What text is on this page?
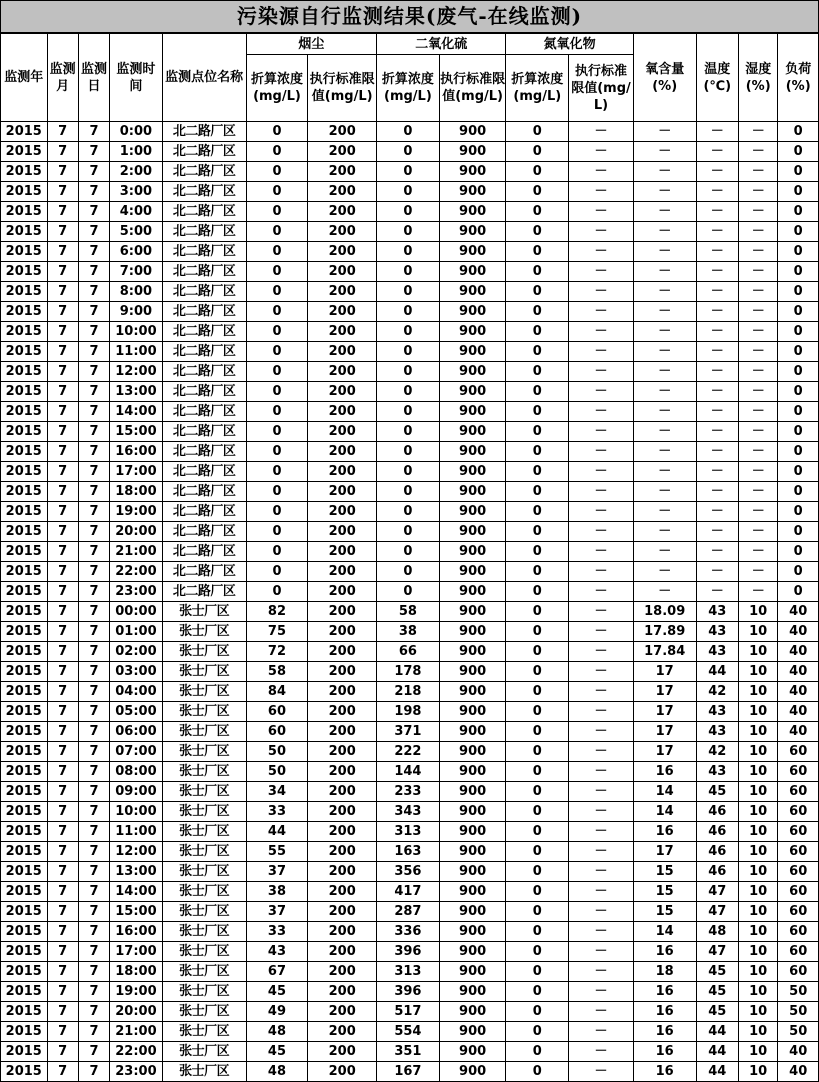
污染源自行监测结果(废气-在线监测)
监测年	监测月	监测日	监测时间	监测点位名称	烟尘		二氧化硫		氮氧化物		氧含量(%)	温度(℃)	湿度(%)	负荷(%)
					折算浓度(mg/L)	执行标准限值(mg/L)	折算浓度(mg/L)	执行标准限值(mg/L)	折算浓度(mg/L)	执行标准限值(mg/L)				
2015	7	7	0:00	北二路厂区	0	200	0	900	0	－	－	－	－	0
2015	7	7	1:00	北二路厂区	0	200	0	900	0	－	－	－	－	0
2015	7	7	2:00	北二路厂区	0	200	0	900	0	－	－	－	－	0
2015	7	7	3:00	北二路厂区	0	200	0	900	0	－	－	－	－	0
2015	7	7	4:00	北二路厂区	0	200	0	900	0	－	－	－	－	0
2015	7	7	5:00	北二路厂区	0	200	0	900	0	－	－	－	－	0
2015	7	7	6:00	北二路厂区	0	200	0	900	0	－	－	－	－	0
2015	7	7	7:00	北二路厂区	0	200	0	900	0	－	－	－	－	0
2015	7	7	8:00	北二路厂区	0	200	0	900	0	－	－	－	－	0
2015	7	7	9:00	北二路厂区	0	200	0	900	0	－	－	－	－	0
2015	7	7	10:00	北二路厂区	0	200	0	900	0	－	－	－	－	0
2015	7	7	11:00	北二路厂区	0	200	0	900	0	－	－	－	－	0
2015	7	7	12:00	北二路厂区	0	200	0	900	0	－	－	－	－	0
2015	7	7	13:00	北二路厂区	0	200	0	900	0	－	－	－	－	0
2015	7	7	14:00	北二路厂区	0	200	0	900	0	－	－	－	－	0
2015	7	7	15:00	北二路厂区	0	200	0	900	0	－	－	－	－	0
2015	7	7	16:00	北二路厂区	0	200	0	900	0	－	－	－	－	0
2015	7	7	17:00	北二路厂区	0	200	0	900	0	－	－	－	－	0
2015	7	7	18:00	北二路厂区	0	200	0	900	0	－	－	－	－	0
2015	7	7	19:00	北二路厂区	0	200	0	900	0	－	－	－	－	0
2015	7	7	20:00	北二路厂区	0	200	0	900	0	－	－	－	－	0
2015	7	7	21:00	北二路厂区	0	200	0	900	0	－	－	－	－	0
2015	7	7	22:00	北二路厂区	0	200	0	900	0	－	－	－	－	0
2015	7	7	23:00	北二路厂区	0	200	0	900	0	－	－	－	－	0
2015	7	7	00:00	张士厂区	82	200	58	900	0	－	18.09	43	10	40
2015	7	7	01:00	张士厂区	75	200	38	900	0	－	17.89	43	10	40
2015	7	7	02:00	张士厂区	72	200	66	900	0	－	17.84	43	10	40
2015	7	7	03:00	张士厂区	58	200	178	900	0	－	17	44	10	40
2015	7	7	04:00	张士厂区	84	200	218	900	0	－	17	42	10	40
2015	7	7	05:00	张士厂区	60	200	198	900	0	－	17	43	10	40
2015	7	7	06:00	张士厂区	60	200	371	900	0	－	17	43	10	40
2015	7	7	07:00	张士厂区	50	200	222	900	0	－	17	42	10	60
2015	7	7	08:00	张士厂区	50	200	144	900	0	－	16	43	10	60
2015	7	7	09:00	张士厂区	34	200	233	900	0	－	14	45	10	60
2015	7	7	10:00	张士厂区	33	200	343	900	0	－	14	46	10	60
2015	7	7	11:00	张士厂区	44	200	313	900	0	－	16	46	10	60
2015	7	7	12:00	张士厂区	55	200	163	900	0	－	17	46	10	60
2015	7	7	13:00	张士厂区	37	200	356	900	0	－	15	46	10	60
2015	7	7	14:00	张士厂区	38	200	417	900	0	－	15	47	10	60
2015	7	7	15:00	张士厂区	37	200	287	900	0	－	15	47	10	60
2015	7	7	16:00	张士厂区	33	200	336	900	0	－	14	48	10	60
2015	7	7	17:00	张士厂区	43	200	396	900	0	－	16	47	10	60
2015	7	7	18:00	张士厂区	67	200	313	900	0	－	18	45	10	60
2015	7	7	19:00	张士厂区	45	200	396	900	0	－	16	45	10	50
2015	7	7	20:00	张士厂区	49	200	517	900	0	－	16	45	10	50
2015	7	7	21:00	张士厂区	48	200	554	900	0	－	16	44	10	50
2015	7	7	22:00	张士厂区	45	200	351	900	0	－	16	44	10	40
2015	7	7	23:00	张士厂区	48	200	167	900	0	－	16	44	10	40
